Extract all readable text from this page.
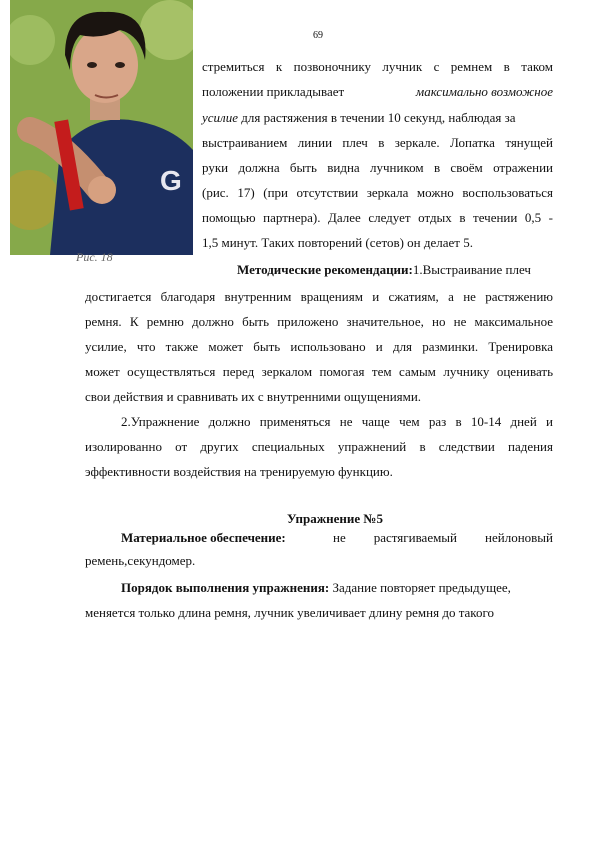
69
G
Рис. 18
стремиться к позвоночнику лучник с ремнем в таком
положении прикладывает	максимально возможное
усилие для растяжения в течении 10 секунд, наблюдая за
выстраиванием линии плеч в зеркале. Лопатка тянущей
руки должна быть видна лучником в своём отражении
(рис. 17) (при отсутствии зеркала можно воспользоваться
помощью партнера). Далее следует отдых в течении 0,5 -
1,5 минут. Таких повторений (сетов) он делает 5.
Методические рекомендации:1.Выстраивание плеч
достигается благодаря внутренним вращениям и сжатиям, а не растяжению
ремня. К ремню должно быть приложено значительное, но не максимальное
усилие, что также может быть использовано и для разминки. Тренировка
может осуществляться перед зеркалом помогая тем самым лучнику оценивать
свои действия и сравнивать их с внутренними ощущениями.
2.Упражнение должно применяться не чаще чем раз в 10-14 дней и
изолированно от других специальных упражнений в следствии падения
эффективности воздействия на тренируемую функцию.
Упражнение №5
Материальное обеспечение:	не растягиваемый нейлоновый
ремень,секундомер.
Порядок выполнения упражнения: Задание повторяет предыдущее,
меняется только длина ремня, лучник увеличивает длину ремня до такого
